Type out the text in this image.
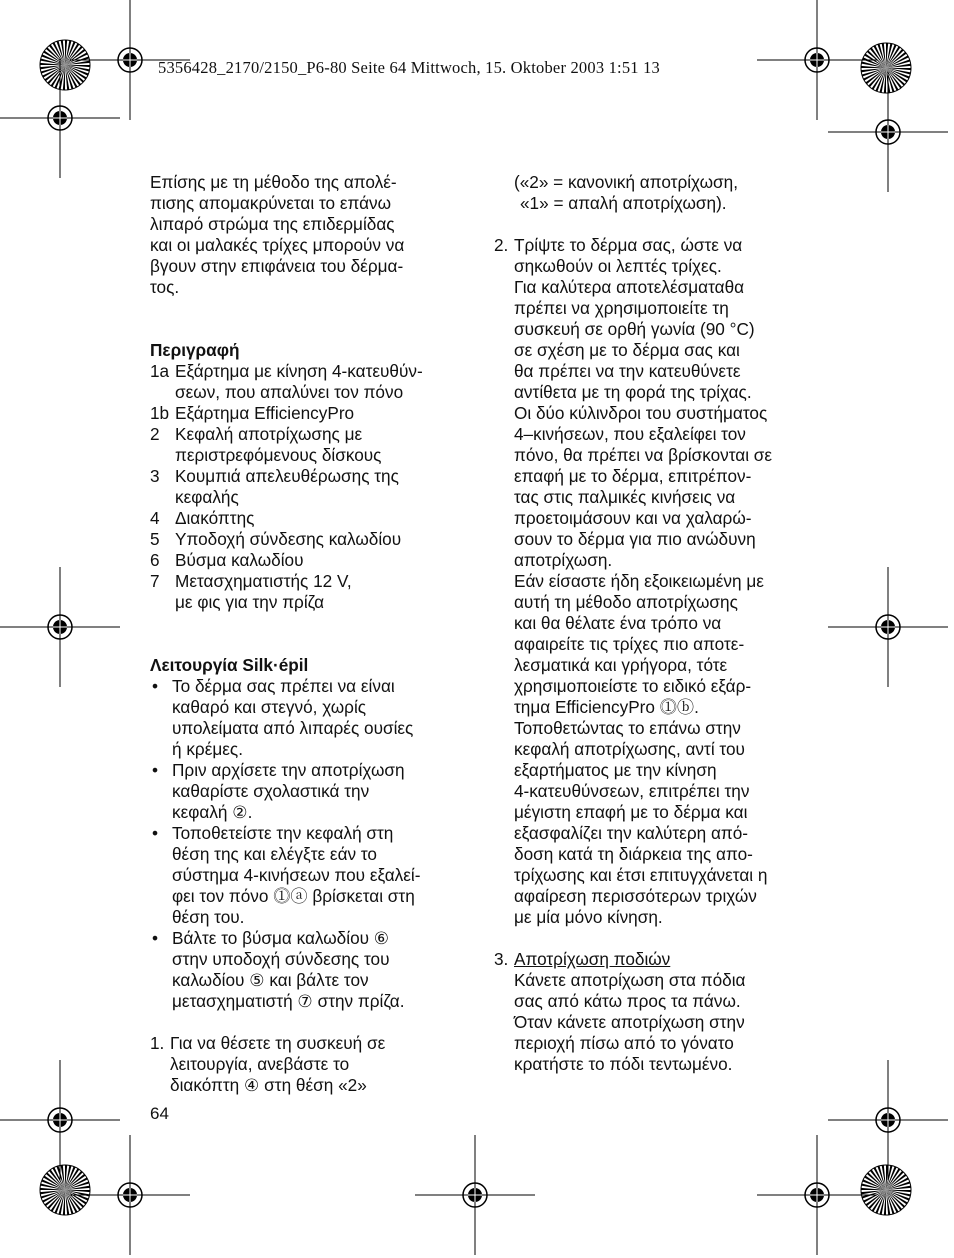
5356428_2170/2150_P6-80 Seite 64 Mittwoch, 15. Oktober 2003 1:51 13
Επίσης με τη μέθοδο της απολέ-
πισης απομακρύνεται το επάνω
λιπαρό στρώμα της επιδερμίδας
και οι μαλακές τρίχες μπορούν να
βγουν στην επιφάνεια του δέρμα-
τος.
Περιγραφή
1a Εξάρτημα με κίνηση 4-κατευθύν-
σεων, που απαλύνει τον πόνο
1b Εξάρτημα EfficiencyPro
2 Κεφαλή αποτρίχωσης με
περιστρεφόμενους δίσκους
3 Κουμπιά απελευθέρωσης της
κεφαλής
4 Διακόπτης
5 Υποδοχή σύνδεσης καλωδίου
6 Βύσμα καλωδίου
7 Μετασχηματιστής 12 V,
με φις για την πρίζα
Λειτουργία Silk·épil
• Το δέρμα σας πρέπει να είναι
καθαρό και στεγνό, χωρίς
υπολείματα από λιπαρές ουσίες
ή κρέμες.
• Πριν αρχίσετε την αποτρίχωση
καθαρίστε σχολαστικά την
κεφαλή ②.
• Τοποθετείστε την κεφαλή στη
θέση της και ελέγξτε εάν το
σύστημα 4-κινήσεων που εξαλεί-
φει τον πόνο ⓵ⓐ βρίσκεται στη
θέση του.
• Βάλτε το βύσμα καλωδίου ⑥
στην υποδοχή σύνδεσης του
καλωδίου ⑤ και βάλτε τον
μετασχηματιστή ⑦ στην πρίζα.
1. Για να θέσετε τη συσκευή σε
λειτουργία, ανεβάστε το
διακόπτη ④ στη θέση «2»
(«2» = κανονική αποτρίχωση,
«1» = απαλή αποτρίχωση).
2. Τρίψτε το δέρμα σας, ώστε να
σηκωθούν οι λεπτές τρίχες.
Για καλύτερα αποτελέσματαθα
πρέπει να χρησιμοποιείτε τη
συσκευή σε ορθή γωνία (90 °C)
σε σχέση με το δέρμα σας και
θα πρέπει να την κατευθύνετε
αντίθετα με τη φορά της τρίχας.
Οι δύο κύλινδροι του συστήματος
4–κινήσεων, που εξαλείφει τον
πόνο, θα πρέπει να βρίσκονται σε
επαφή με το δέρμα, επιτρέπον-
τας στις παλμικές κινήσεις να
προετοιμάσουν και να χαλαρώ-
σουν το δέρμα για πιο ανώδυνη
αποτρίχωση.
Εάν είσαστε ήδη εξοικειωμένη με
αυτή τη μέθοδο αποτρίχωσης
και θα θέλατε ένα τρόπο να
αφαιρείτε τις τρίχες πιο αποτε-
λεσματικά και γρήγορα, τότε
χρησιμοποιείστε το ειδικό εξάρ-
τημα EfficiencyPro ⓵ⓑ.
Τοποθετώντας το επάνω στην
κεφαλή αποτρίχωσης, αντί του
εξαρτήματος με την κίνηση
4-κατευθύνσεων, επιτρέπει την
μέγιστη επαφή με το δέρμα και
εξασφαλίζει την καλύτερη από-
δοση κατά τη διάρκεια της απο-
τρίχωσης και έτσι επιτυγχάνεται η
αφαίρεση περισσότερων τριχών
με μία μόνο κίνηση.
3. Αποτρίχωση ποδιών
Κάνετε αποτρίχωση στα πόδια
σας από κάτω προς τα πάνω.
Όταν κάνετε αποτρίχωση στην
περιοχή πίσω από το γόνατο
κρατήστε το πόδι τεντωμένο.
64
